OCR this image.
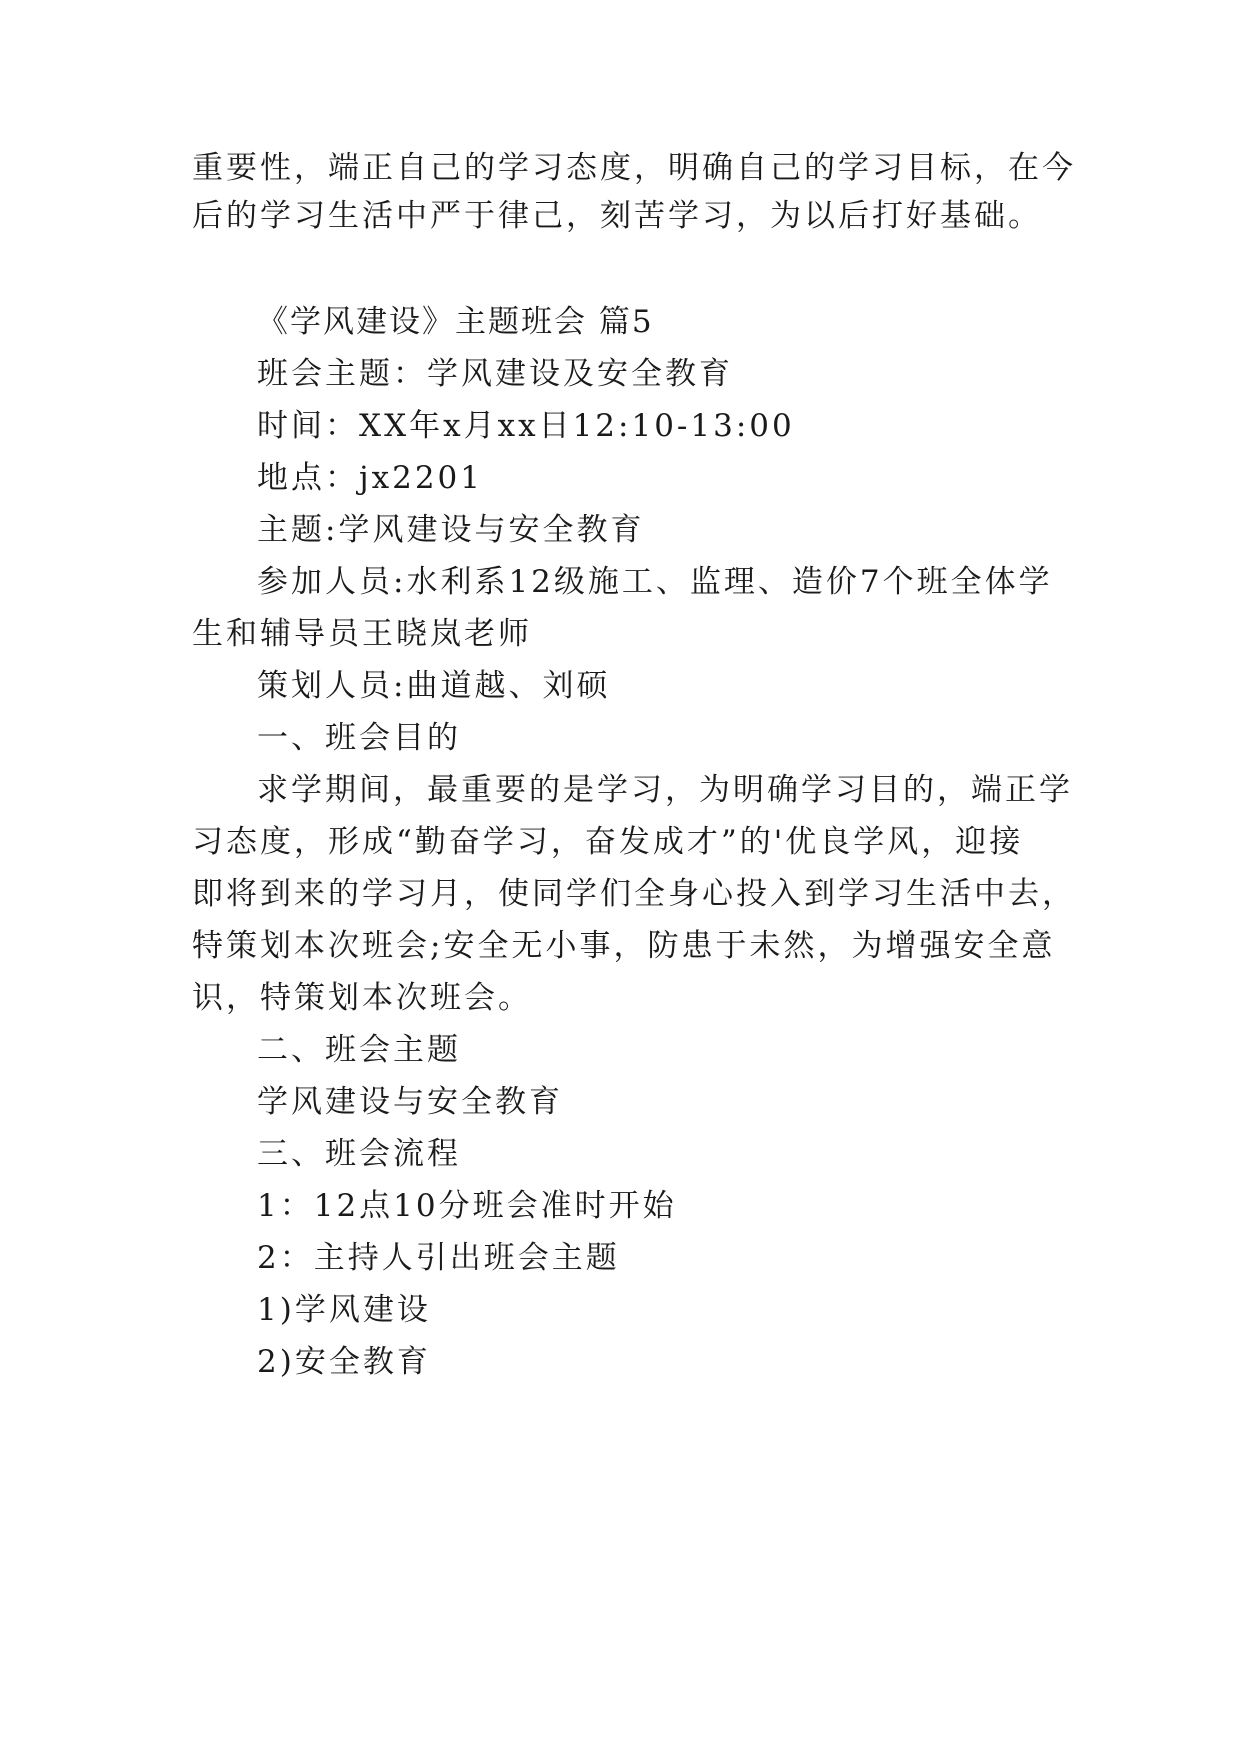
重要性，端正自己的学习态度，明确自己的学习目标，在今
后的学习生活中严于律己，刻苦学习，为以后打好基础。
《学风建设》主题班会 篇5
班会主题：学风建设及安全教育
时间：XX年x月xx日12:10-13:00
地点：jx2201
主题:学风建设与安全教育
参加人员:水利系12级施工、监理、造价7个班全体学
生和辅导员王晓岚老师
策划人员:曲道越、刘硕
一、班会目的
求学期间，最重要的是学习，为明确学习目的，端正学
习态度，形成“勤奋学习，奋发成才”的'优良学风，迎接
即将到来的学习月，使同学们全身心投入到学习生活中去，
特策划本次班会;安全无小事，防患于未然，为增强安全意
识，特策划本次班会。
二、班会主题
学风建设与安全教育
三、班会流程
1：12点10分班会准时开始
2：主持人引出班会主题
1)学风建设
2)安全教育
